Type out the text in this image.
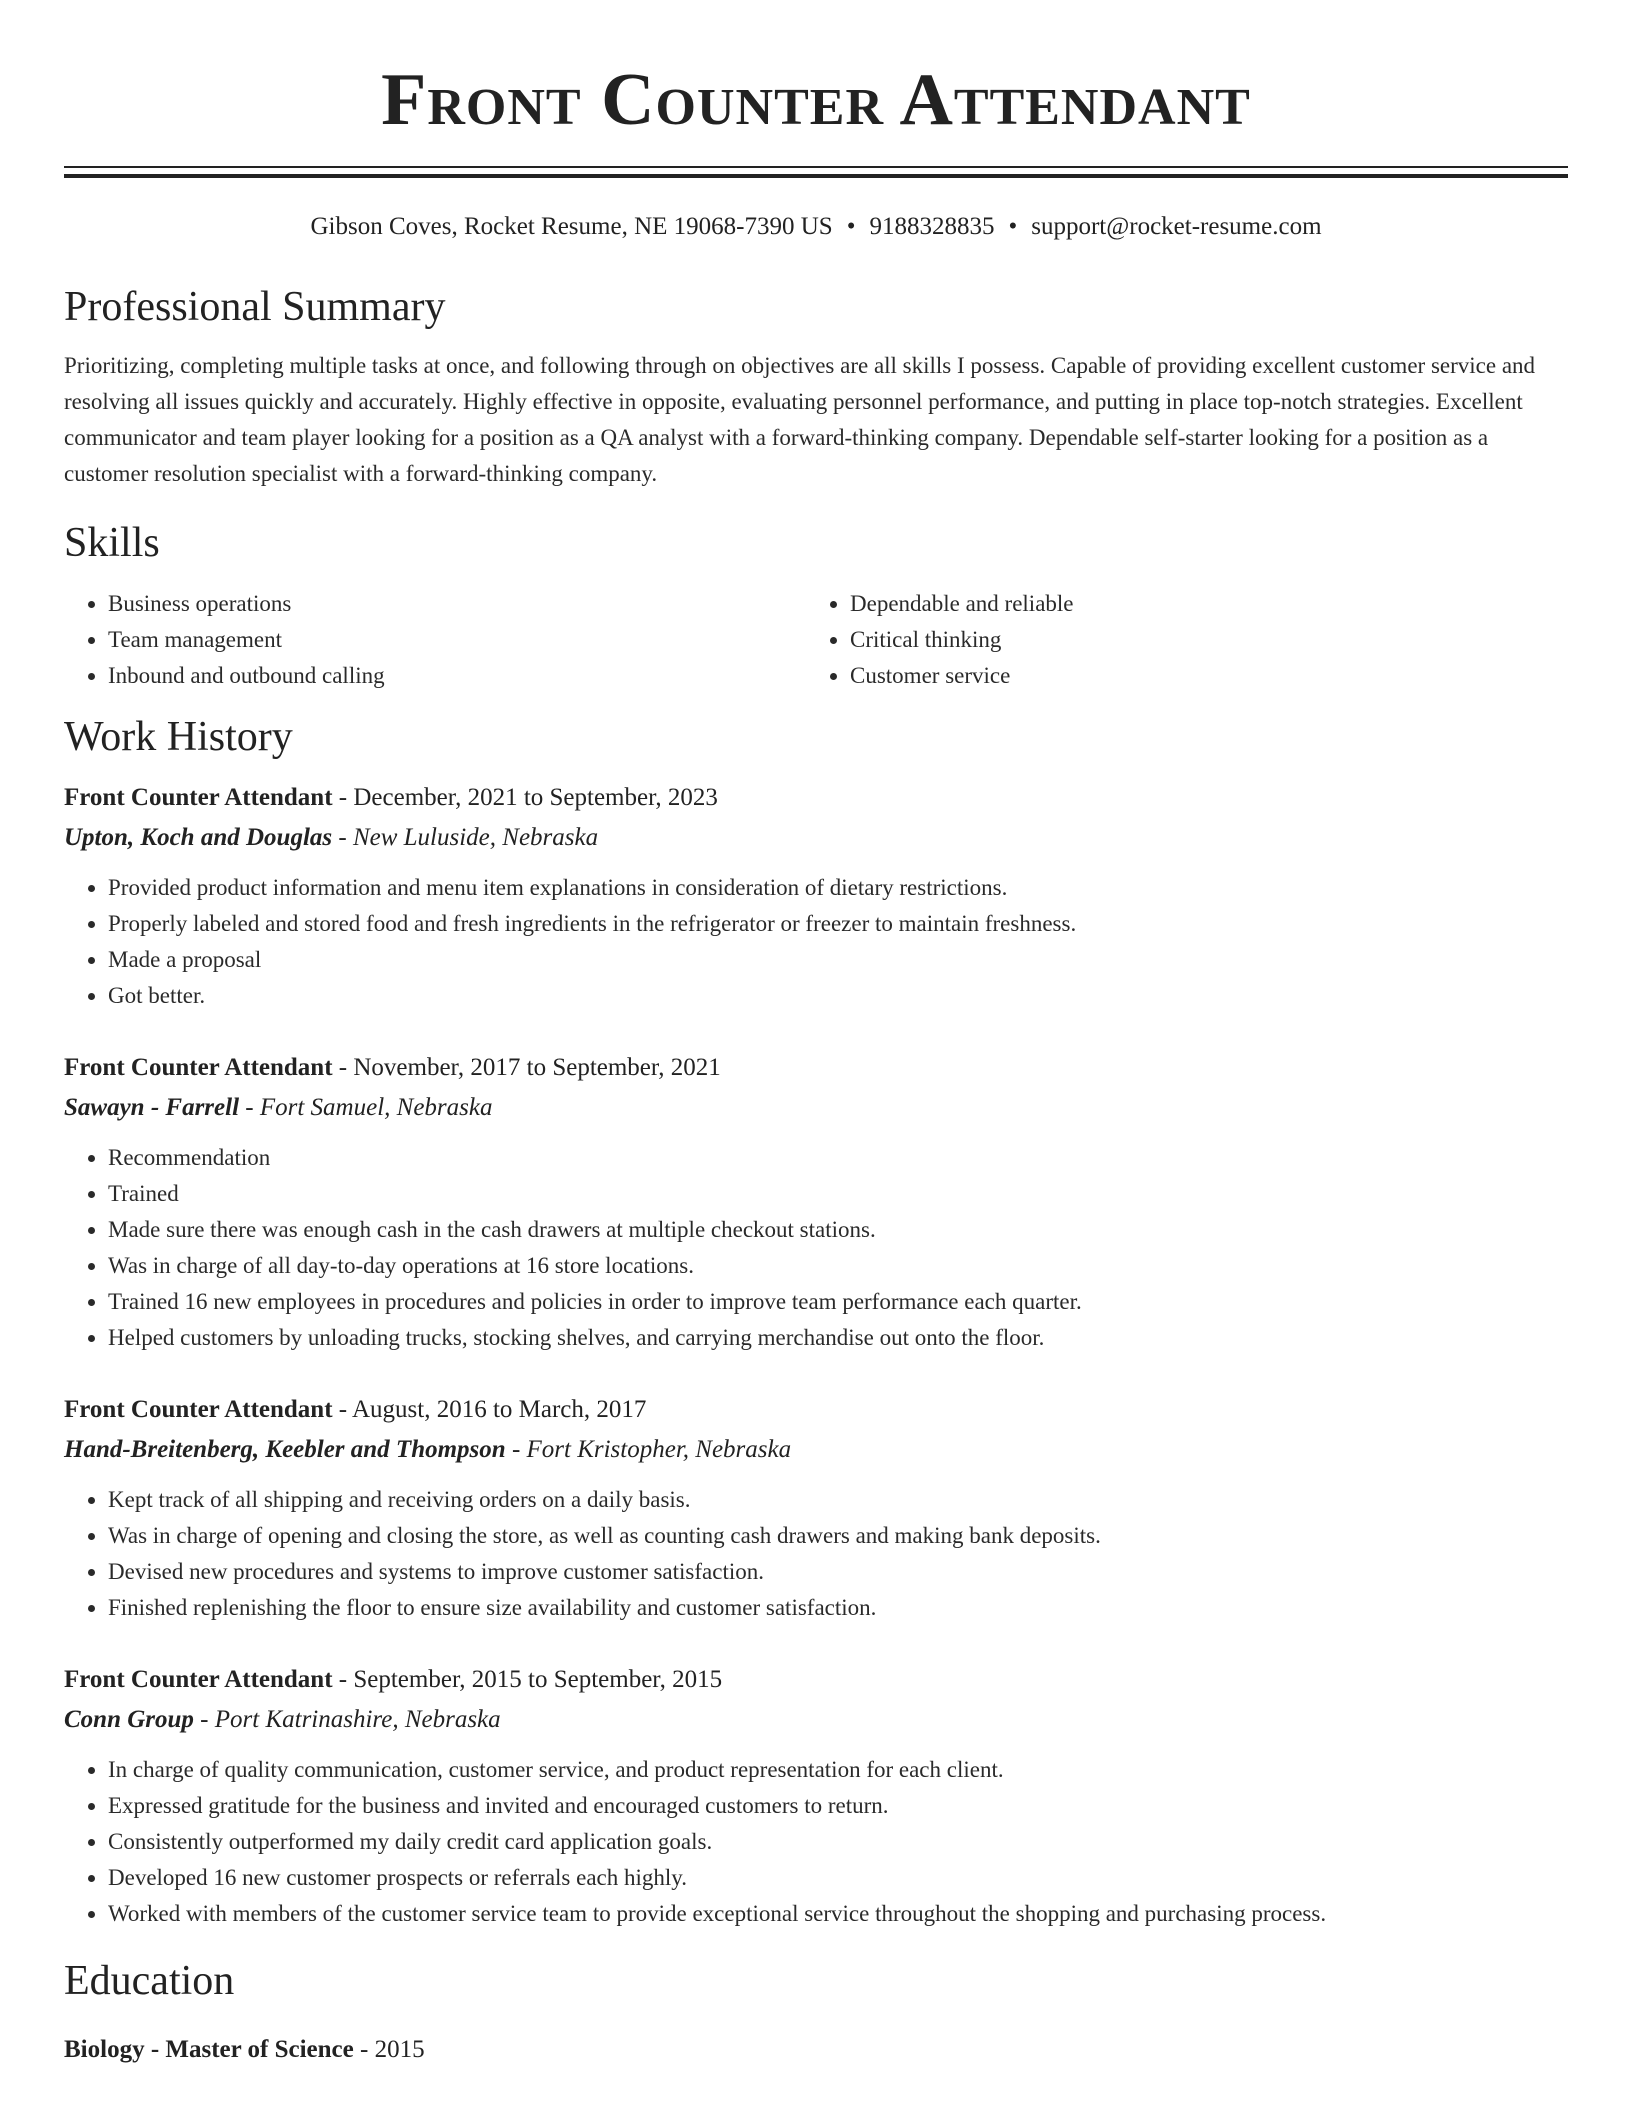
Front Counter Attendant
Gibson Coves, Rocket Resume, NE 19068-7390 US • 9188328835 • support@rocket-resume.com
Professional Summary

Prioritizing, completing multiple tasks at once, and following through on objectives are all skills I possess. Capable of providing excellent customer service and resolving all issues quickly and accurately. Highly effective in opposite, evaluating personnel performance, and putting in place top-notch strategies. Excellent communicator and team player looking for a position as a QA analyst with a forward-thinking company. Dependable self-starter looking for a position as a customer resolution specialist with a forward-thinking company.

Skills
• Business operations
• Team management
• Inbound and outbound calling
• Dependable and reliable
• Critical thinking
• Customer service
Work History
Front Counter Attendant - December, 2021 to September, 2023
Upton, Koch and Douglas - New Luluside, Nebraska
• Provided product information and menu item explanations in consideration of dietary restrictions.
• Properly labeled and stored food and fresh ingredients in the refrigerator or freezer to maintain freshness.
• Made a proposal
• Got better.
Front Counter Attendant - November, 2017 to September, 2021
Sawayn - Farrell - Fort Samuel, Nebraska
• Recommendation
• Trained
• Made sure there was enough cash in the cash drawers at multiple checkout stations.
• Was in charge of all day-to-day operations at 16 store locations.
• Trained 16 new employees in procedures and policies in order to improve team performance each quarter.
• Helped customers by unloading trucks, stocking shelves, and carrying merchandise out onto the floor.
Front Counter Attendant - August, 2016 to March, 2017
Hand-Breitenberg, Keebler and Thompson - Fort Kristopher, Nebraska
• Kept track of all shipping and receiving orders on a daily basis.
• Was in charge of opening and closing the store, as well as counting cash drawers and making bank deposits.
• Devised new procedures and systems to improve customer satisfaction.
• Finished replenishing the floor to ensure size availability and customer satisfaction.
Front Counter Attendant - September, 2015 to September, 2015
Conn Group - Port Katrinashire, Nebraska
• In charge of quality communication, customer service, and product representation for each client.
• Expressed gratitude for the business and invited and encouraged customers to return.
• Consistently outperformed my daily credit card application goals.
• Developed 16 new customer prospects or referrals each highly.
• Worked with members of the customer service team to provide exceptional service throughout the shopping and purchasing process.
Education
Biology - Master of Science - 2015
